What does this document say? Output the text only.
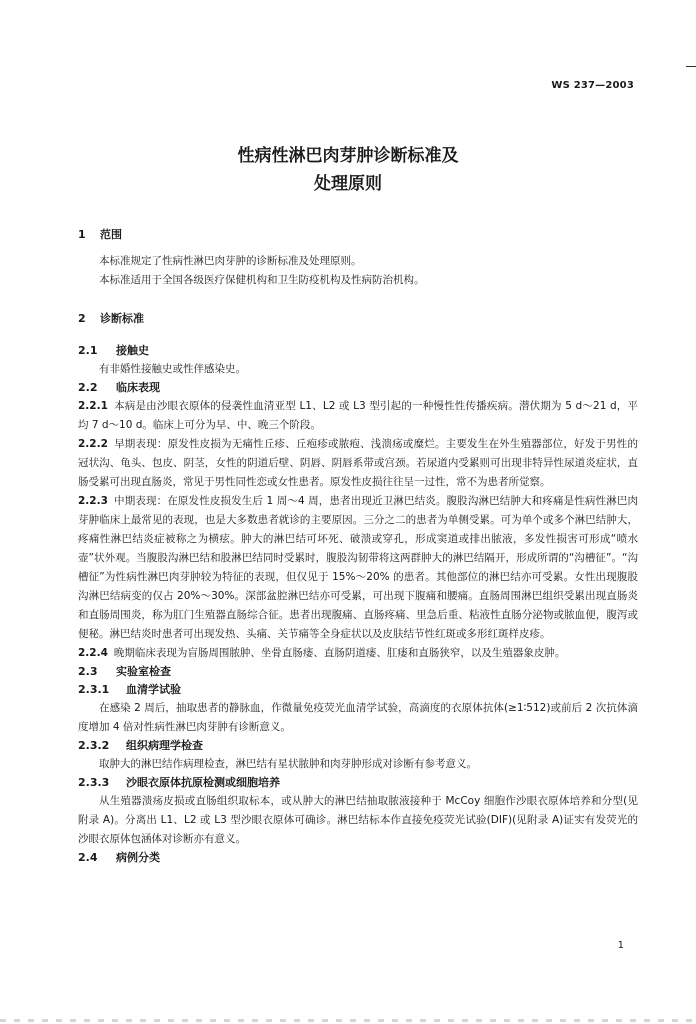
WS 237—2003
性病性淋巴肉芽肿诊断标准及
处理原则
1 范围

本标准规定了性病性淋巴肉芽肿的诊断标准及处理原则。

本标准适用于全国各级医疗保健机构和卫生防疫机构及性病防治机构。

2 诊断标准
2.1 接触史

有非婚性接触史或性伴感染史。

2.2 临床表现

2.2.1 本病是由沙眼衣原体的侵袭性血清亚型 L1、L2 或 L3 型引起的一种慢性性传播疾病。潜伏期为 5 d～21 d，平均 7 d～10 d。临床上可分为早、中、晚三个阶段。

2.2.2 早期表现：原发性皮损为无痛性丘疹、丘疱疹或脓疱、浅溃疡或糜烂。主要发生在外生殖器部位，好发于男性的冠状沟、龟头、包皮、阴茎，女性的阴道后壁、阴唇、阴唇系带或宫颈。若尿道内受累则可出现非特异性尿道炎症状，直肠受累可出现直肠炎，常见于男性同性恋或女性患者。原发性皮损往往呈一过性，常不为患者所觉察。

2.2.3 中期表现：在原发性皮损发生后 1 周～4 周，患者出现近卫淋巴结炎。腹股沟淋巴结肿大和疼痛是性病性淋巴肉芽肿临床上最常见的表现，也是大多数患者就诊的主要原因。三分之二的患者为单侧受累。可为单个或多个淋巴结肿大，疼痛性淋巴结炎症被称之为横痃。肿大的淋巴结可坏死、破溃或穿孔，形成窦道或排出脓液，多发性损害可形成“喷水壶”状外观。当腹股沟淋巴结和股淋巴结同时受累时，腹股沟韧带将这两群肿大的淋巴结隔开，形成所谓的“沟槽征”。“沟槽征”为性病性淋巴肉芽肿较为特征的表现，但仅见于 15%～20% 的患者。其他部位的淋巴结亦可受累。女性出现腹股沟淋巴结病变的仅占 20%～30%。深部盆腔淋巴结亦可受累，可出现下腹痛和腰痛。直肠周围淋巴组织受累出现直肠炎和直肠周围炎，称为肛门生殖器直肠综合征。患者出现腹痛、直肠疼痛、里急后重、粘液性直肠分泌物或脓血便，腹泻或便秘。淋巴结炎时患者可出现发热、头痛、关节痛等全身症状以及皮肤结节性红斑或多形红斑样皮疹。

2.2.4 晚期临床表现为盲肠周围脓肿、坐骨直肠瘘、直肠阴道瘘、肛瘘和直肠狭窄，以及生殖器象皮肿。

2.3 实验室检查
2.3.1 血清学试验

在感染 2 周后，抽取患者的静脉血，作微量免疫荧光血清学试验，高滴度的衣原体抗体(≥1∶512)或前后 2 次抗体滴度增加 4 倍对性病性淋巴肉芽肿有诊断意义。

2.3.2 组织病理学检查

取肿大的淋巴结作病理检查，淋巴结有星状脓肿和肉芽肿形成对诊断有参考意义。

2.3.3 沙眼衣原体抗原检测或细胞培养

从生殖器溃疡皮损或直肠组织取标本，或从肿大的淋巴结抽取脓液接种于 McCoy 细胞作沙眼衣原体培养和分型(见附录 A)。分离出 L1、L2 或 L3 型沙眼衣原体可确诊。淋巴结标本作直接免疫荧光试验(DIF)(见附录 A)证实有发荧光的沙眼衣原体包涵体对诊断亦有意义。

2.4 病例分类
1
